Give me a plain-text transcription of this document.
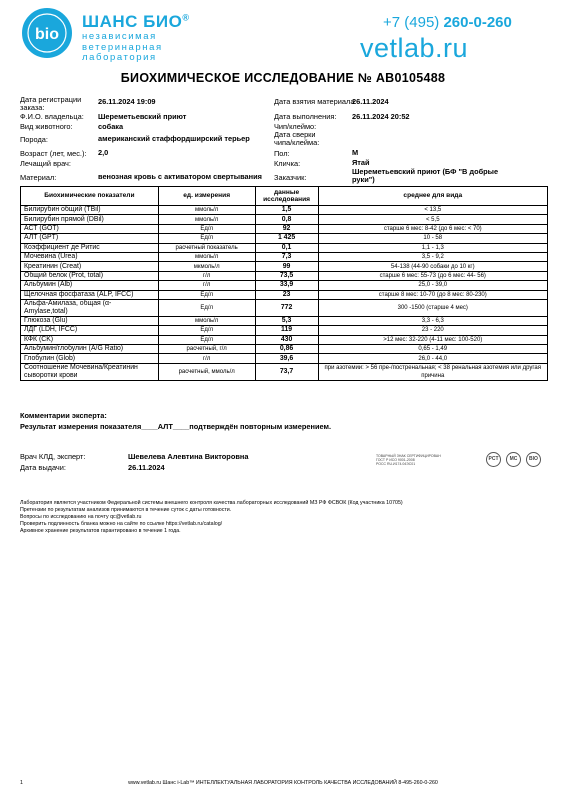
bio
ШАНС БИО®
независимая
ветеринарная
лаборатория
+7 (495) 260-0-260
vetlab.ru
БИОХИМИЧЕСКОЕ ИССЛЕДОВАНИЕ № АВ0105488
Дата регистрации заказа:
26.11.2024 19:09	Дата взятия материала
26.11.2024
Ф.И.О. владельца: Шереметьевский приют	Дата выполнения: 26.11.2024 20:52
Вид животного:	собака	Чип/клеймо:
Порода:	американский стаффордширский терьер	Дата сверки чипа/клейма:
Возраст (лет, мес.): 2,0	Пол:	М
Лечащий врач:	Кличка:	Ятай
Материал:	венозная кровь с активатором свертывания Заказчик:
Шереметьевский приют (БФ "В добрые руки")
Биохимические показатели	ед. измерения	данные исследования	среднее для вида
Билирубин общий (TBil)	ммоль/л	1,5	< 13,5
Билирубин прямой (DBil)	ммоль/л	0,8	< 5,5
АСТ (GOT)	Ед/л	92	старше 6 мес: 8-42 (до 6 мес: < 70)
АЛТ (GPT)	Ед/л	1 425	10 - 58
Коэффициент де Ритис	расчетный показатель	0,1	1,1 - 1,3
Мочевина (Urea)	ммоль/л	7,3	3,5 - 9,2
Креатинин (Creat)	мкмоль/л	99	54-138 (44-90 собаки до 10 кг)
Общий белок (Prot, total)	г/л	73,5	старше 6 мес: 55-73 (до 6 мес: 44- 56)
Альбумин (Alb)	г/л	33,9	25,0 - 39,0
Щелочная фосфатаза (ALP, IFCC)	Ед/л	23	старше 8 мес: 10-70 (до 8 мес: 80-230)
Альфа-Амилаза, общая (α-Amylase,total)	Ед/л	772	300 -1500 (старше 4 мес)
Глюкоза (Glu)	ммоль/л	5,3	3,3 - 6,3
ЛДГ (LDH, IFCC)	Ед/л	119	23 - 220
КФК (CK)	Ед/л	430	>12 мес: 32-220 (4-11 мес: 100-520)
Альбумин/глобулин (A/G Ratio)	расчетный, г/л	0,86	0,65 - 1,49
Глобулин (Glob)	г/л	39,6	26,0 - 44,0
Соотношение Мочевина/Креатинин сыворотки крови	расчетный, ммоль/л	73,7	при азотемии: > 56 пре-/постренальная; < 38 ренальная азотемия или другая причина
Комментарии эксперта:
Результат измерения показателя____АЛТ____подтверждён повторным измерением.
Врач КЛД, эксперт:	Шевелева Алевтина Викторовна
Дата выдачи:	26.11.2024
ТОВАРНЫЙ ЗНАК СЕРТИФИЦИРОВАН
ГОСТ Р ИСО 9001-2008
РОСС RU.И174.04ЭС01
PCT	MC	BIO
Лаборатория является участником Федеральной системы внешнего контроля качества лабораторных исследований МЗ РФ ФСВОК (Код участника 10705)
Претензии по результатам анализов принимаются в течение суток с даты готовности.
Вопросы по исследованию на почту qc@vetlab.ru
Проверить подлинность бланка можно на сайте по ссылке https://vetlab.ru/catalog/
Архивное хранение результатов гарантировано в течение 1 года.
1	www.vetlab.ru Шанс i-Lab™ ИНТЕЛЛЕКТУАЛЬНАЯ ЛАБОРАТОРИЯ КОНТРОЛЬ КАЧЕСТВА ИССЛЕДОВАНИЙ 8-495-260-0-260
